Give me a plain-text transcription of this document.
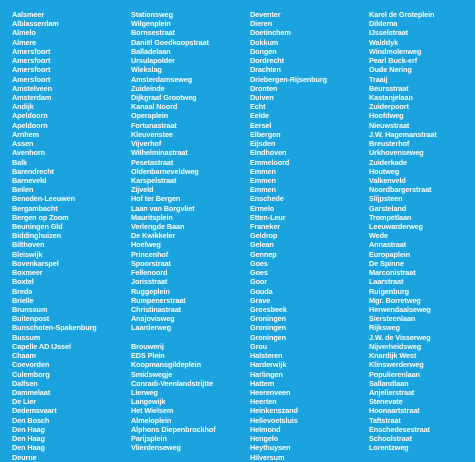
Aalsmeer
Alblasserdam
Almelo
Almere
Amersfoort
Amersfoort
Amersfoort
Amersfoort
Amstelveen
Amsterdam
Andijk
Apeldoorn
Apeldoorn
Arnhem
Assen
Avenhorn
Balk
Barendrecht
Barneveld
Beilen
Beneden-Leeuwen
Bergambacht
Bergen op Zoom
Beuningen Gld
Biddinghuizen
Bilthoven
Bleiswijk
Bovenkarspel
Boxmeer
Boxtel
Breda
Brielle
Brunssum
Buitenpost
Bunschoten-Spakenburg
Bussum
Capelle AD IJssel
Chaam
Coevorden
Culemborg
Dalfsen
Dammelaat
De Lier
Dedemsvaart
Den Bosch
Den Haag
Den Haag
Den Haag
Deurne
Stationsweg
Wilgenplein
Bornsestraat
Daniël Goedkoopstraat
Balladelaan
Ursulapolder
Wiekslag
Amsterdamseweg
Zuideinde
Dijkgraaf Grootweg
Kanaal Noord
Operaplein
Fortunastraat
Kleuvenstee
Vijverhof
Wilhelminastraat
Pesetastraat
Oldenbarneveldweg
Karspelstraat
Zijveld
Hof ter Bergen
Laan van Borgvliet
Mauritsplein
Verlengde Baan
De Kwikkeler
Hoefweg
Princenhof
Spoorstraat
Fellenoord
Jorisstraat
Ruggeplein
Rumpenerstraat
Christinastraat
Ansjovisweg
Laarderweg
Brouwerij
EDS Plein
Koopmansgildeplein
Smidswegje
Conradi-Veenlandstrijtte
Lierweg
Langewijk
Het Wielsem
Almeloplein
Alphons Diepenbrockhof
Parijsplein
Vlierdenseweg
Deventer
Dieren
Doetinchem
Dokkum
Dongen
Dordrecht
Drachten
Driebergen-Rijsenburg
Dronten
Duiven
Echt
Eelde
Eersel
Elbergen
Eijsden
Eindhoven
Emmeloord
Emmen
Emmen
Emmen
Enschede
Ermelo
Etten-Leur
Franeker
Geldrop
Gelean
Gennep
Goes
Goes
Goor
Gouda
Grave
Groesbeek
Groningen
Groningen
Groningen
Grou
Halsteren
Harderwijk
Harlingen
Hattem
Heerenveen
Heerten
Heinkenszand
Hellevoetsluis
Helmond
Hengelo
Heythuysen
Hilversum
Karel de Groteplein
Dilderna
IJsselstraat
Walddyk
Windmolenweg
Pearl Buck-erf
Oude Nering
Traaij
Beursstraat
Kastanjelaan
Zuiderpoort
Hoofdweg
Nieuwstraat
J.W. Hagemanstraat
Breusterhof
Urkhovenseweg
Zuiderkade
Houtweg
Valkenveld
Noordbargerstraat
Slijpsteen
Garsteland
Trompetlaan
Leeuwarderweg
Wede
Annastraat
Europaplein
De Spinne
Marconistraat
Laarstraat
Ruigenburg
Mgr. Borretweg
Herwendaalseweg
Siersteenlaan
Rijksweg
J.W. de Visserweg
Nijverheidsweg
Knardijk West
Klinswerderweg
Populierenlaan
Sallandlaan
Anjelierstraat
Stenevate
Hoonaartstraat
Taftstraat
Enschedesestraat
Schoolstraat
Lorentzweg
